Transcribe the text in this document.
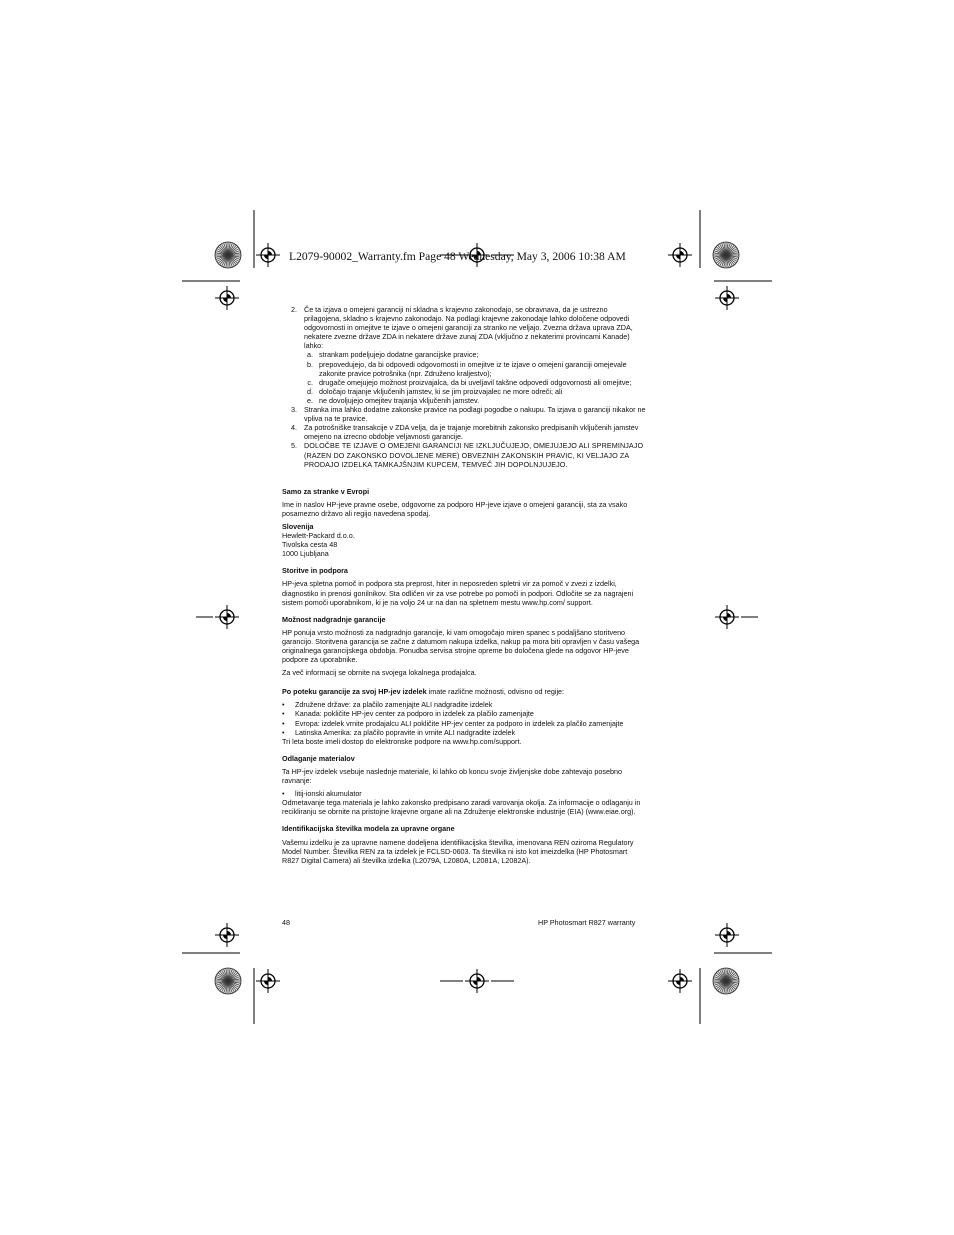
L2079-90002_Warranty.fm Page 48 Wednesday, May 3, 2006 10:38 AM
2. Če ta izjava o omejeni garanciji ni skladna s krajevno zakonodajo, se obravnava, da je ustrezno prilagojena, skladno s krajevno zakonodajo. Na podlagi krajevne zakonodaje lahko določene odpovedi odgovornosti in omejitve te izjave o omejeni garanciji za stranko ne veljajo. Zvezna država uprava ZDA, nekatere zvezne države ZDA in nekatere države zunaj ZDA (vključno z nekaterimi provincami Kanade) lahko:
a. strankam podeljujejo dodatne garancijske pravice;
b. prepovedujejo, da bi odpovedi odgovornosti in omejitve iz te izjave o omejeni garanciji omejevale zakonite pravice potrošnika (npr. Združeno kraljestvo);
c. drugače omejujejo možnost proizvajalca, da bi uveljavil takšne odpovedi odgovornosti ali omejitve;
d. določajo trajanje vključenih jamstev, ki se jim proizvajalec ne more odreči; ali
e. ne dovoljujejo omejitev trajanja vključenih jamstev.
3. Stranka ima lahko dodatne zakonske pravice na podlagi pogodbe o nakupu. Ta izjava o garanciji nikakor ne vpliva na te pravice.
4. Za potrošniške transakcije v ZDA velja, da je trajanje morebitnih zakonsko predpisanih vključenih jamstev omejeno na izrecno obdobje veljavnosti garancije.
5. DOLOČBE TE IZJAVE O OMEJENI GARANCIJI NE IZKLJUČUJEJO, OMEJUJEJO ALI SPREMINJAJO (RAZEN DO ZAKONSKO DOVOLJENE MERE) OBVEZNIH ZAKONSKIH PRAVIC, KI VELJAJO ZA PRODAJO IZDELKA TAMKAJŠNJIM KUPCEM, TEMVEČ JIH DOPOLNJUJEJO.
Samo za stranke v Evropi

Ime in naslov HP-jeve pravne osebe, odgovorne za podporo HP-jeve izjave o omejeni garanciji, sta za vsako posamezno državo ali regijo navedena spodaj.

Slovenija
Hewlett-Packard d.o.o.
Tivolska cesta 48
1000 Ljubljana
Storitve in podpora

HP-jeva spletna pomoč in podpora sta preprost, hiter in neposreden spletni vir za pomoč v zvezi z izdelki, diagnostiko in prenosi gonilnikov. Sta odličen vir za vse potrebe po pomoči in podpori. Odločite se za nagrajeni sistem pomoči uporabnikom, ki je na voljo 24 ur na dan na spletnem mestu www.hp.com/ support.

Možnost nadgradnje garancije

HP ponuja vrsto možnosti za nadgradnjo garancije, ki vam omogočajo miren spanec s podaljšano storitveno garancijo. Storitvena garancija se začne z datumom nakupa izdelka, nakup pa mora biti opravljen v času vašega originalnega garancijskega obdobja. Ponudba servisa strojne opreme bo določena glede na odgovor HP-jeve podpore za uporabnike.

Za več informacij se obrnite na svojega lokalnega prodajalca.

Po poteku garancije za svoj HP-jev izdelek imate različne možnosti, odvisno od regije:

•	Združene države: za plačilo zamenjajte ALI nadgradite izdelek
•	Kanada: pokličite HP-jev center za podporo in izdelek za plačilo zamenjajte
•	Evropa: izdelek vrnite prodajalcu ALI pokličite HP-jev center za podporo in izdelek za plačilo zamenjajte
•	Latinska Amerika: za plačilo popravite in vrnite ALI nadgradite izdelek

Tri leta boste imeli dostop do elektronske podpore na www.hp.com/support.

Odlaganje materialov

Ta HP-jev izdelek vsebuje naslednje materiale, ki lahko ob koncu svoje življenjske dobe zahtevajo posebno ravnanje:

•	litij-ionski akumulator

Odmetavanje tega materiala je lahko zakonsko predpisano zaradi varovanja okolja. Za informacije o odlaganju in recikliranju se obrnite na pristojne krajevne organe ali na Združenje elektronske industrije (EIA) (www.eiae.org).

Identifikacijska številka modela za upravne organe

Vašemu izdelku je za upravne namene dodeljena identifikacijska številka, imenovana REN oziroma Regulatory Model Number. Številka REN za ta izdelek je FCLSD-0603. Ta številka ni isto kot imeizdelka (HP Photosmart R827 Digital Camera) ali številka izdelka (L2079A, L2080A, L2081A, L2082A).

48	HP Photosmart R827 warranty
